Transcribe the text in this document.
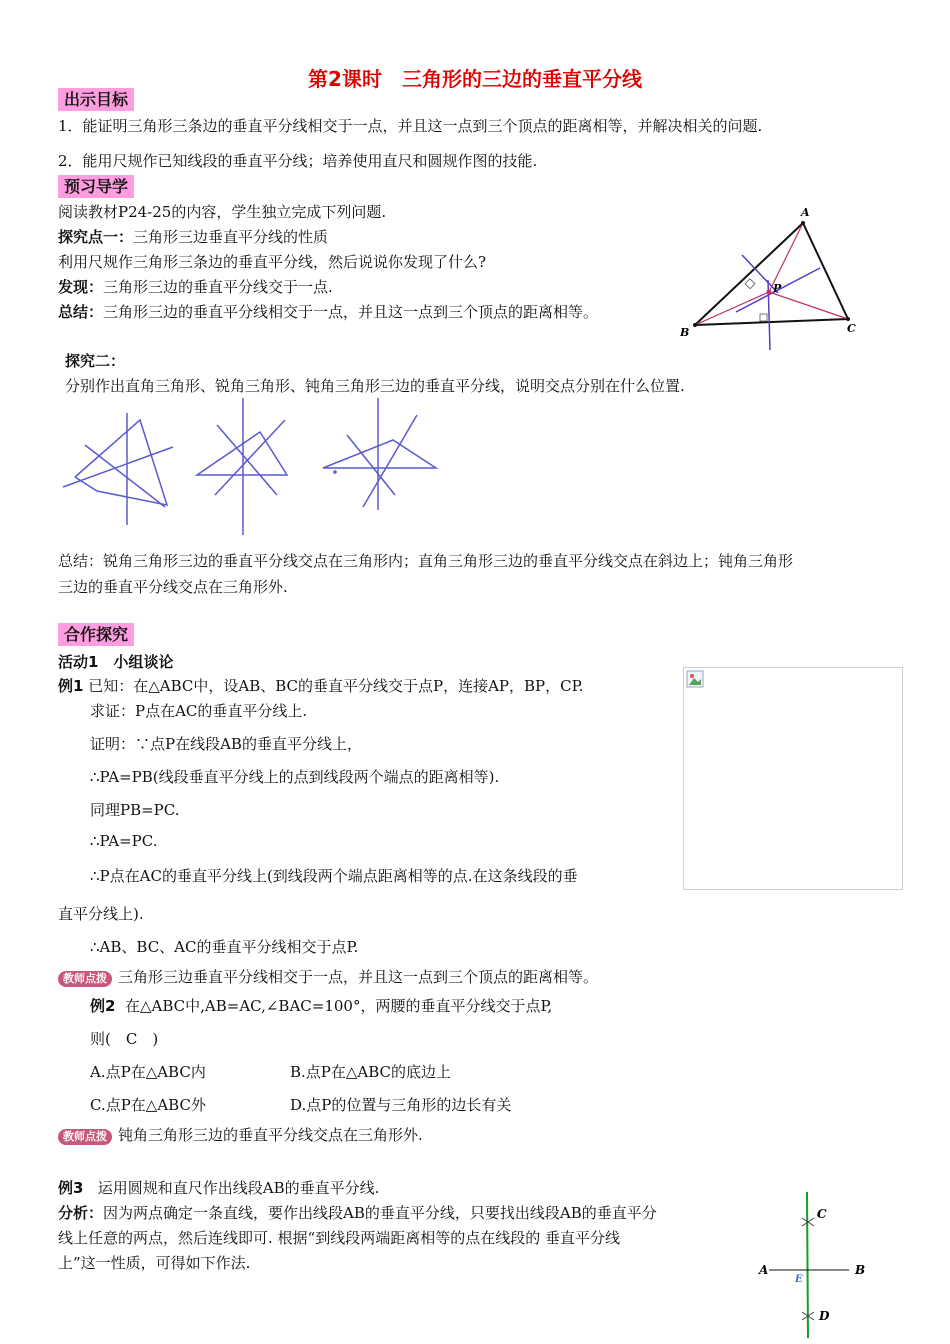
第2课时　三角形的三边的垂直平分线
出示目标
1．能证明三角形三条边的垂直平分线相交于一点，并且这一点到三个顶点的距离相等，并解决相关的问题.
2．能用尺规作已知线段的垂直平分线；培养使用直尺和圆规作图的技能.
预习导学
阅读教材P24-25的内容，学生独立完成下列问题.
探究点一：三角形三边垂直平分线的性质
利用尺规作三角形三条边的垂直平分线，然后说说你发现了什么?
发现：三角形三边的垂直平分线交于一点.
总结：三角形三边的垂直平分线相交于一点，并且这一点到三个顶点的距离相等。
A
B	C
P
探究二：
分别作出直角三角形、锐角三角形、钝角三角形三边的垂直平分线，说明交点分别在什么位置.
总结：锐角三角形三边的垂直平分线交点在三角形内；直角三角形三边的垂直平分线交点在斜边上；钝角三角形
三边的垂直平分线交点在三角形外.
合作探究
活动1　小组谈论
例1 已知：在△ABC中，设AB、BC的垂直平分线交于点P，连接AP，BP，CP.
求证：P点在AC的垂直平分线上.
证明：∵点P在线段AB的垂直平分线上，
∴PA=PB(线段垂直平分线上的点到线段两个端点的距离相等).
同理PB=PC.
∴PA=PC.
∴P点在AC的垂直平分线上(到线段两个端点距离相等的点.在这条线段的垂
直平分线上).
∴AB、BC、AC的垂直平分线相交于点P.
教师点拨 三角形三边垂直平分线相交于一点，并且这一点到三个顶点的距离相等。
例2 在△ABC中,AB=AC,∠BAC=100°，两腰的垂直平分线交于点P,
则(　C　)
A.点P在△ABC内	B.点P在△ABC的底边上
C.点P在△ABC外	D.点P的位置与三角形的边长有关
教师点拨 钝角三角形三边的垂直平分线交点在三角形外.
例3 运用圆规和直尺作出线段AB的垂直平分线.
分析：因为两点确定一条直线，要作出线段AB的垂直平分线，只要找出线段AB的垂直平分
线上任意的两点，然后连线即可. 根据“到线段两端距离相等的点在线段的 垂直平分线
上”这一性质，可得如下作法.	A	B
C
D
E
